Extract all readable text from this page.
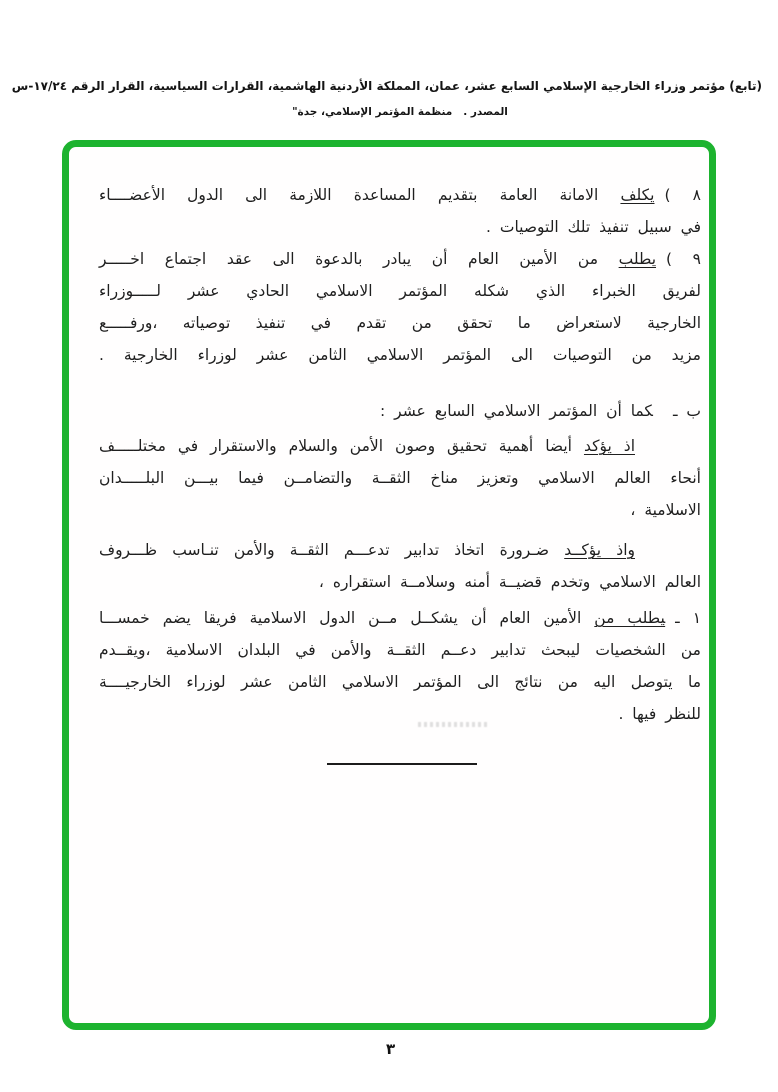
(تابع) مؤتمر وزراء الخارجية الإسلامي السابع عشر، عمان، المملكة الأردنية الهاشمية، القرارات السياسية، القرار الرقم ١٧/٢٤-س
المصدر .   منظمة المؤتمر الإسلامي، جدة"
٨ )يكلف الامانة العامة بتقديم المساعدة اللازمة الى الدول الأعضــــاء
في سبيل تنفيذ تلك التوصيات .
٩ )يطلب من الأمين العام أن يبادر بالدعوة الى عقد اجتماع اخـــــر
لفريق الخبراء الذي شكله المؤتمر الاسلامي الحادي عشر لـــــوزراء
الخارجية لاستعراض ما تحقق من تقدم في تنفيذ توصياته ،ورفـــــع
مزيد من التوصيات الى المؤتمر الاسلامي الثامن عشر لوزراء الخارجية .
ب ـكما أن المؤتمر الاسلامي السابع عشر :
اذ يؤكد أيضا أهمية تحقيق وصون الأمن والسلام والاستقرار في مختلـــــف
أنحاء العالم الاسلامي وتعزيز مناخ الثقــة والتضامــن فيما بيـــن البلـــــدان
الاسلامية ،
واذ يؤكــد ضـرورة اتخاذ تدابير تدعـــم الثقــة والأمن تنـاسب ظـــروف
العالم الاسلامي وتخدم قضيــة أمنه وسلامــة استقراره ،
١ ـيطلب من الأمين العام أن يشكــل مــن الدول الاسلامية فريقا يضم خمســـا
من الشخصيات ليبحث تدابير دعــم الثقــة والأمن في البلدان الاسلامية ،ويقــدم
ما يتوصل اليه من نتائج الى المؤتمر الاسلامي الثامن عشر لوزراء الخارجيــــة
للنظر فيها .
٣
